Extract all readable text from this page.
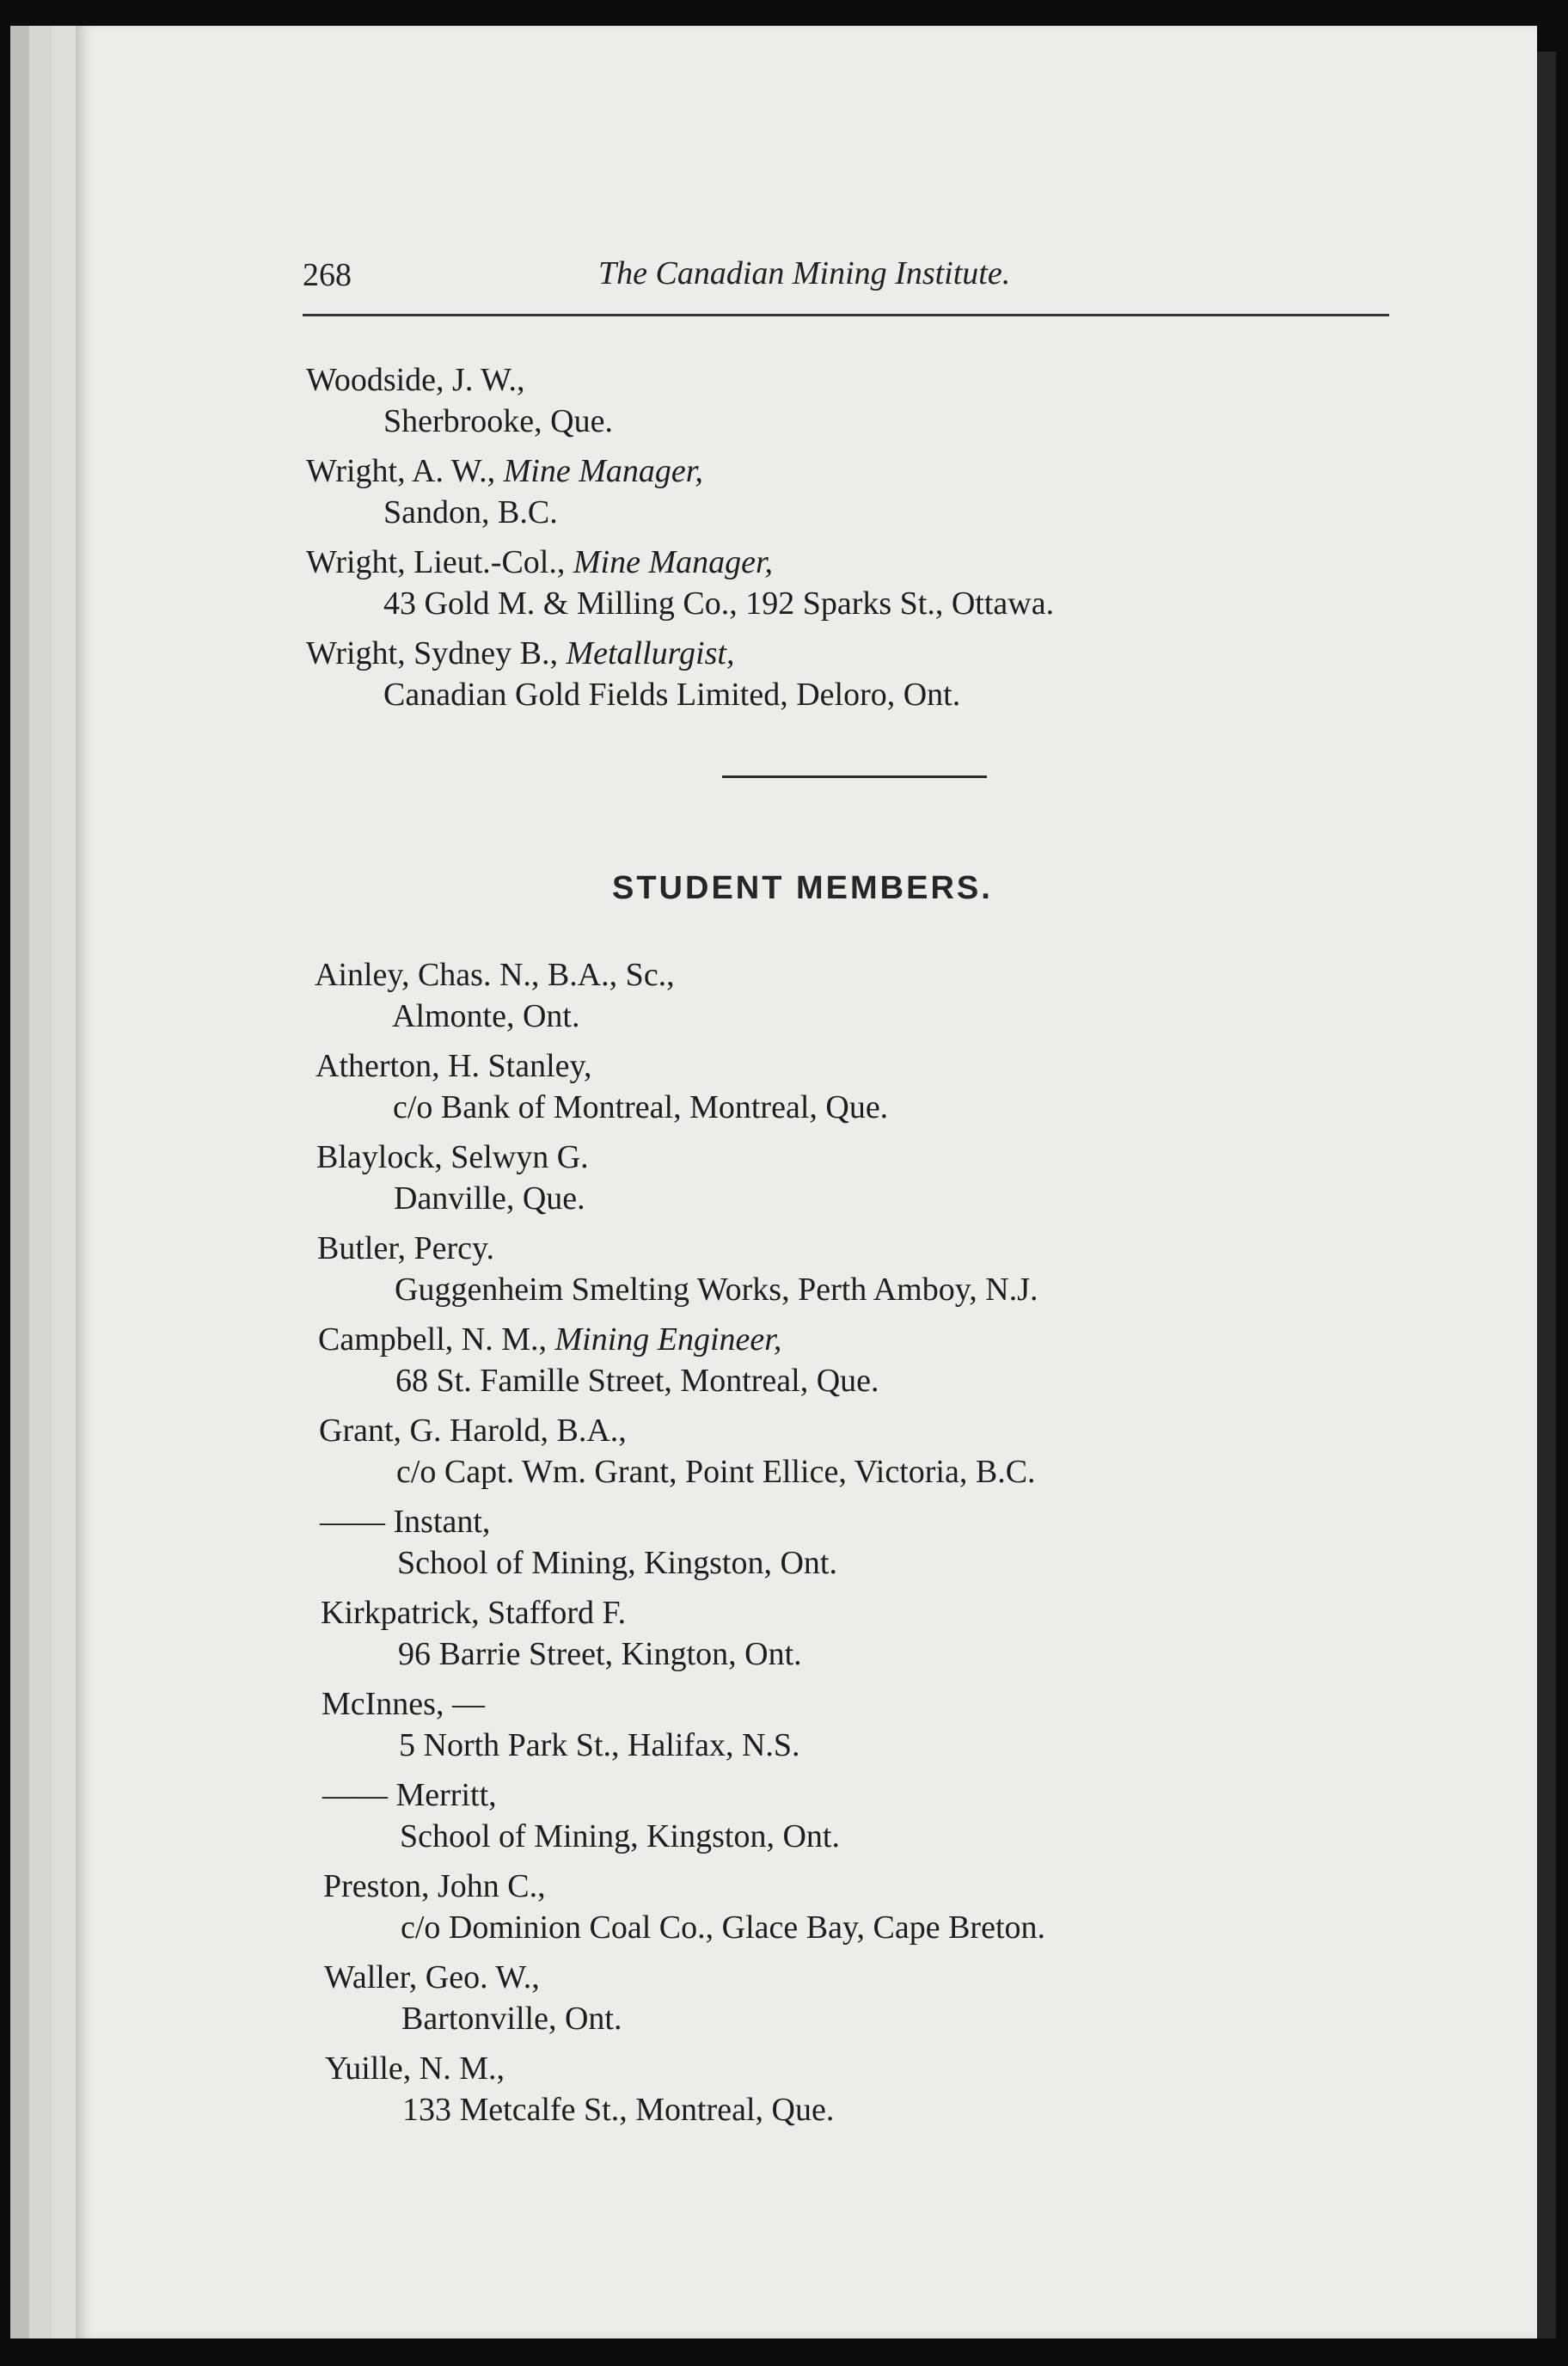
268	The Canadian Mining Institute.
Woodside, J. W.,
Sherbrooke, Que.
Wright, A. W., Mine Manager,
Sandon, B.C.
Wright, Lieut.-Col., Mine Manager,
43 Gold M. & Milling Co., 192 Sparks St., Ottawa.
Wright, Sydney B., Metallurgist,
Canadian Gold Fields Limited, Deloro, Ont.
STUDENT MEMBERS.
Ainley, Chas. N., B.A., Sc.,
Almonte, Ont.
Atherton, H. Stanley,
c/o Bank of Montreal, Montreal, Que.
Blaylock, Selwyn G.
Danville, Que.
Butler, Percy.
Guggenheim Smelting Works, Perth Amboy, N.J.
Campbell, N. M., Mining Engineer,
68 St. Famille Street, Montreal, Que.
Grant, G. Harold, B.A.,
c/o Capt. Wm. Grant, Point Ellice, Victoria, B.C.
—— Instant,
School of Mining, Kingston, Ont.
Kirkpatrick, Stafford F.
96 Barrie Street, Kington, Ont.
McInnes, —
5 North Park St., Halifax, N.S.
—— Merritt,
School of Mining, Kingston, Ont.
Preston, John C.,
c/o Dominion Coal Co., Glace Bay, Cape Breton.
Waller, Geo. W.,
Bartonville, Ont.
Yuille, N. M.,
133 Metcalfe St., Montreal, Que.
